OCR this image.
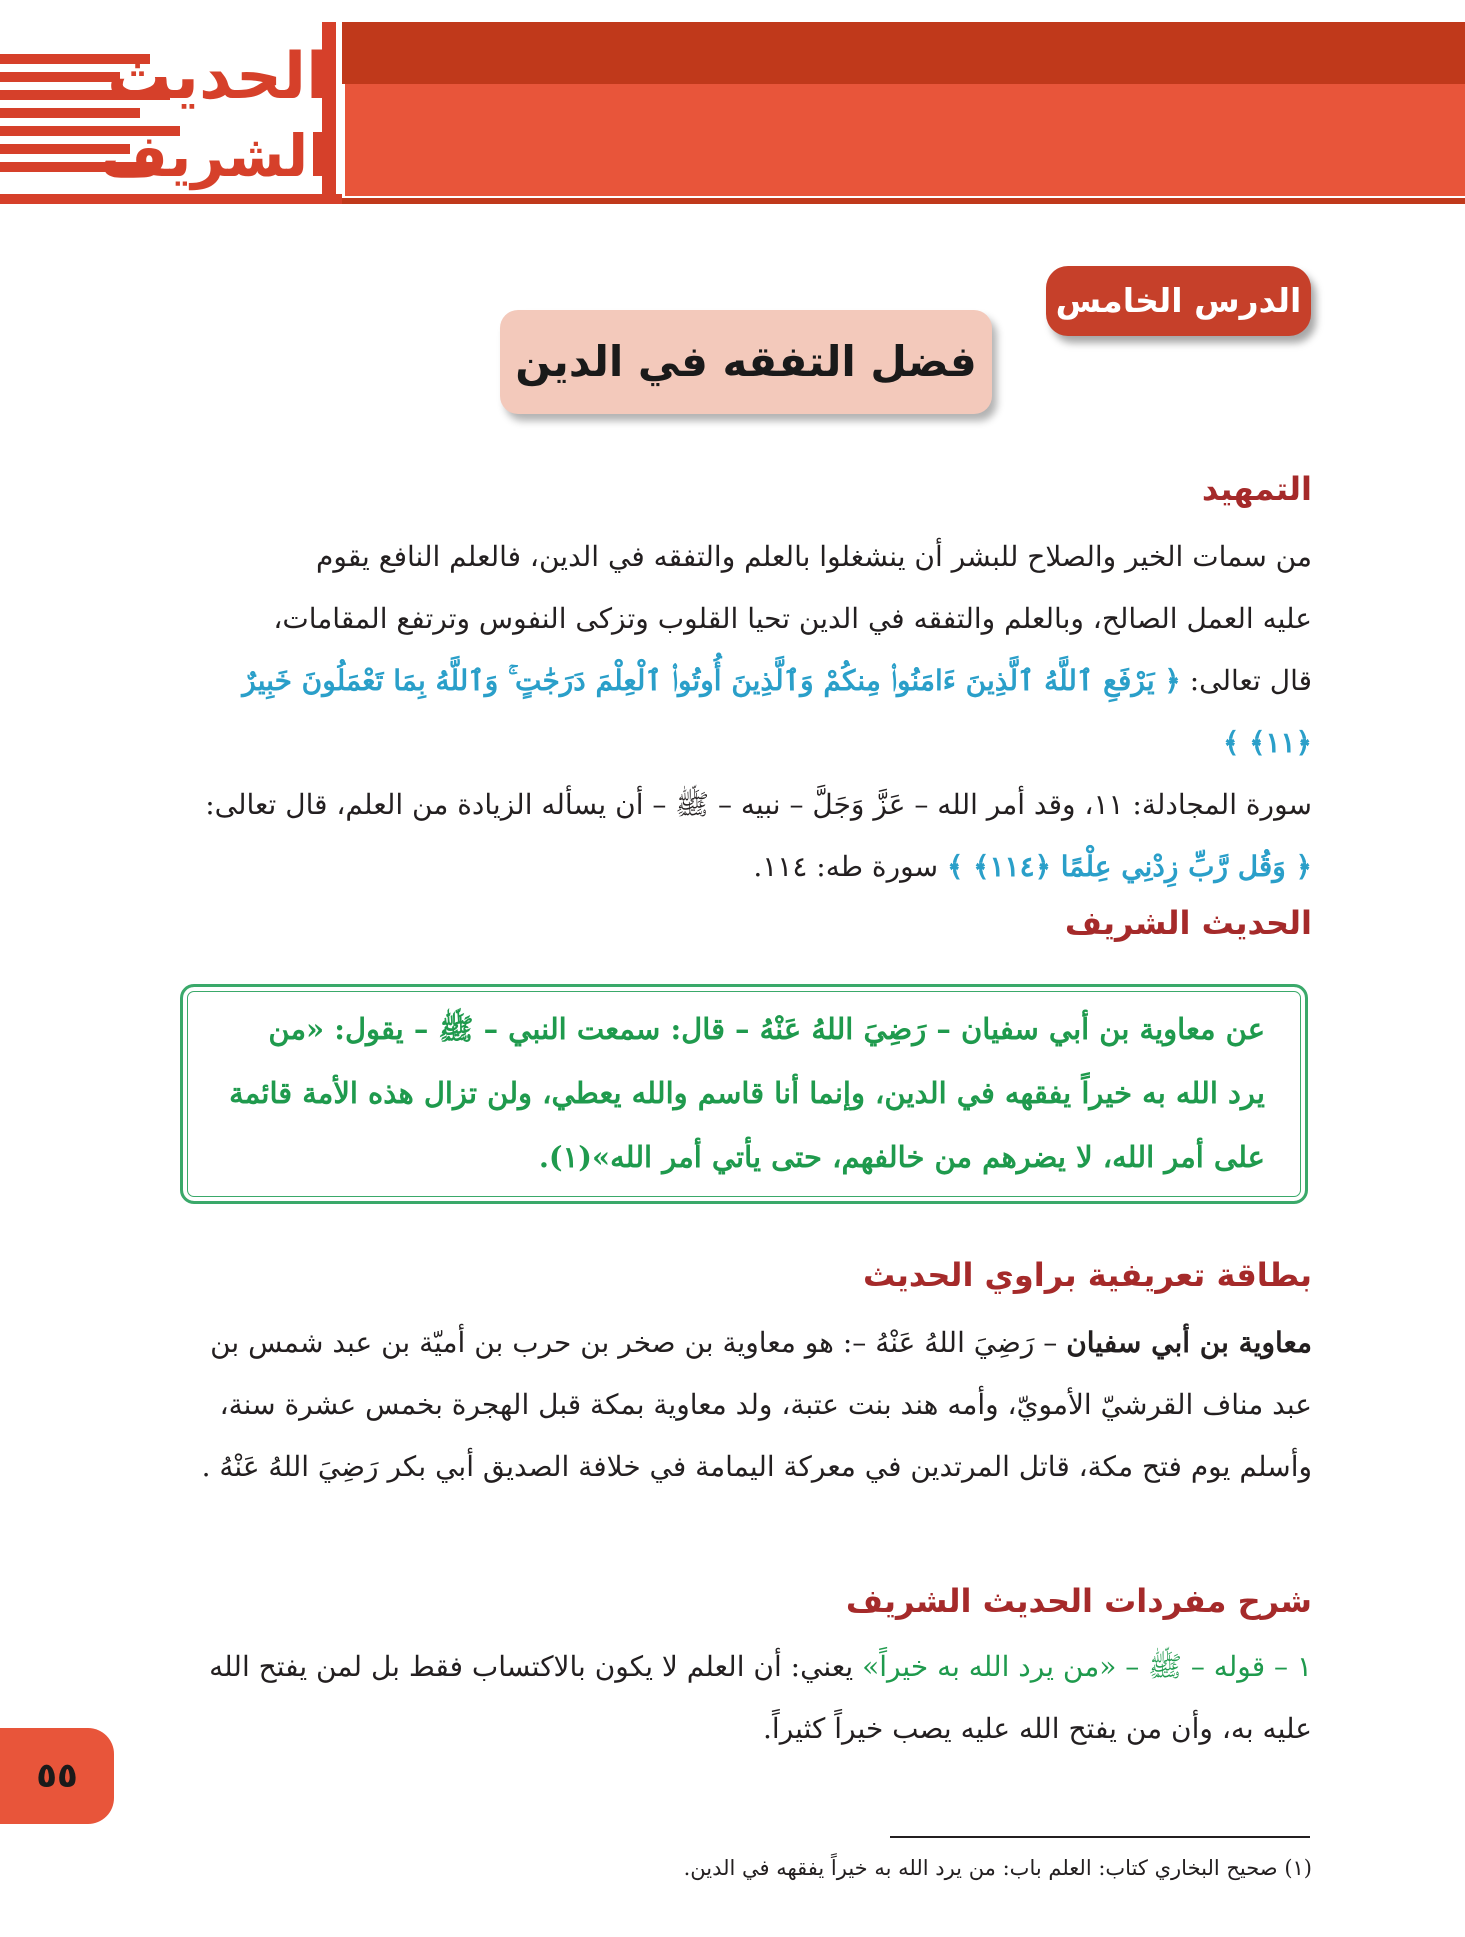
الحديث
الشريف
الدرس الخامس
فضل التفقه في الدين
التمهيد

من سمات الخير والصلاح للبشر أن ينشغلوا بالعلم والتفقه في الدين، فالعلم النافع يقوم

عليه العمل الصالح، وبالعلم والتفقه في الدين تحيا القلوب وتزكى النفوس وترتفع المقامات،

قال تعالى: ﴿ يَرْفَعِ ٱللَّهُ ٱلَّذِينَ ءَامَنُوا۟ مِنكُمْ وَٱلَّذِينَ أُوتُوا۟ ٱلْعِلْمَ دَرَجَٰتٍ ۚ وَٱللَّهُ بِمَا تَعْمَلُونَ خَبِيرٌ ﴿١١﴾ ﴾

سورة المجادلة: ١١، وقد أمر الله – عَزَّ وَجَلَّ – نبيه – ﷺ – أن يسأله الزيادة من العلم، قال تعالى:

﴿ وَقُل رَّبِّ زِدْنِي عِلْمًا ﴿١١٤﴾ ﴾ سورة طه: ١١٤.

الحديث الشريف
عن معاوية بن أبي سفيان – رَضِيَ اللهُ عَنْهُ – قال: سمعت النبي – ﷺ – يقول: «من يرد الله به خيراً يفقهه في الدين، وإنما أنا قاسم والله يعطي، ولن تزال هذه الأمة قائمة على أمر الله، لا يضرهم من خالفهم، حتى يأتي أمر الله»(١).
بطاقة تعريفية براوي الحديث

معاوية بن أبي سفيان – رَضِيَ اللهُ عَنْهُ –: هو معاوية بن صخر بن حرب بن أميّة بن عبد شمس بن عبد مناف القرشيّ الأمويّ، وأمه هند بنت عتبة، ولد معاوية بمكة قبل الهجرة بخمس عشرة سنة، وأسلم يوم فتح مكة، قاتل المرتدين في معركة اليمامة في خلافة الصديق أبي بكر رَضِيَ اللهُ عَنْهُ .

شرح مفردات الحديث الشريف

١ – قوله – ﷺ – «من يرد الله به خيراً» يعني: أن العلم لا يكون بالاكتساب فقط بل لمن يفتح الله عليه به، وأن من يفتح الله عليه يصب خيراً كثيراً.

٥٥
(١) صحيح البخاري كتاب: العلم باب: من يرد الله به خيراً يفقهه في الدين.
